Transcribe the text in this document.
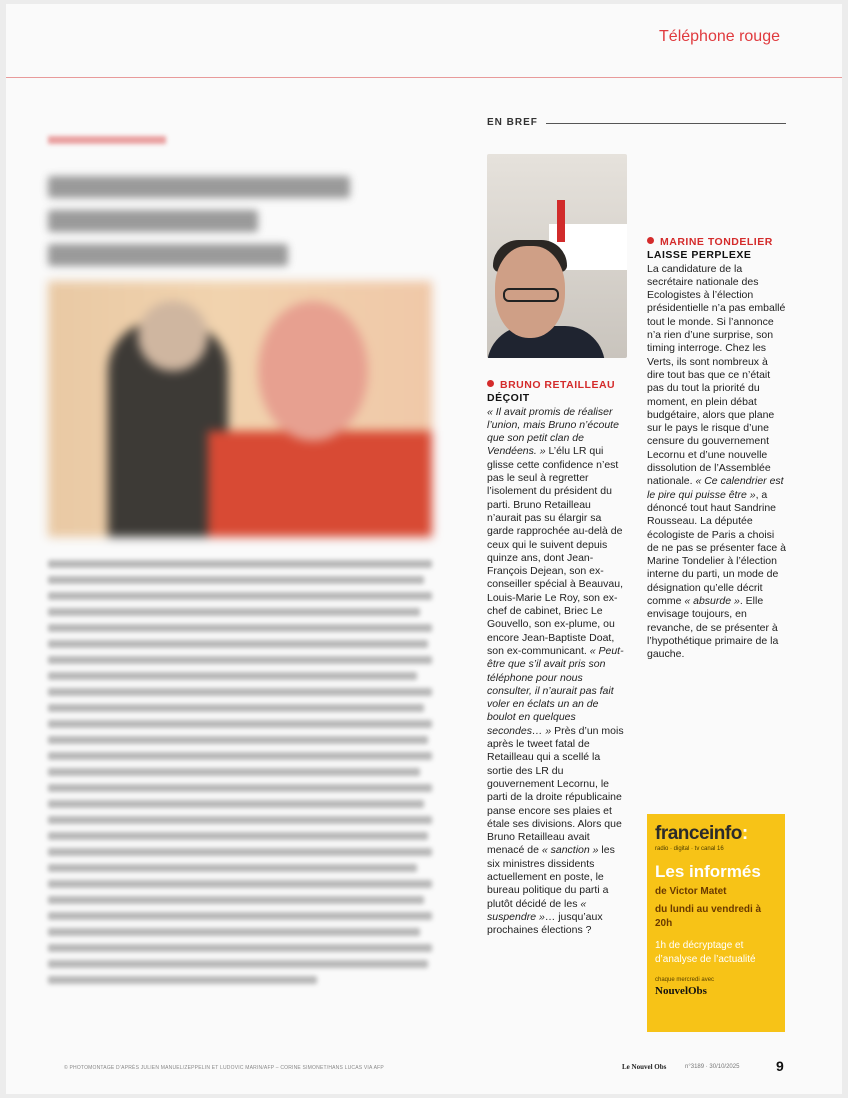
Téléphone rouge
EN BREF
BRUNO RETAILLEAU
DÉÇOIT

« Il avait promis de réaliser l’union, mais Bruno n’écoute que son petit clan de Vendéens. » L’élu LR qui glisse cette confidence n’est pas le seul à regretter l’isolement du président du parti. Bruno Retailleau n’aurait pas su élargir sa garde rapprochée au-delà de ceux qui le suivent depuis quinze ans, dont Jean-François Dejean, son ex-conseiller spécial à Beauvau, Louis-Marie Le Roy, son ex-chef de cabinet, Briec Le Gouvello, son ex-plume, ou encore Jean-Baptiste Doat, son ex-communicant. « Peut-être que s’il avait pris son téléphone pour nous consulter, il n’aurait pas fait voler en éclats un an de boulot en quelques secondes… » Près d’un mois après le tweet fatal de Retailleau qui a scellé la sortie des LR du gouvernement Lecornu, le parti de la droite républicaine panse encore ses plaies et étale ses divisions. Alors que Bruno Retailleau avait menacé de « sanction » les six ministres dissidents actuellement en poste, le bureau politique du parti a plutôt décidé de les « suspendre »… jusqu’aux prochaines élections ?

MARINE TONDELIER
LAISSE PERPLEXE

La candidature de la secrétaire nationale des Ecologistes à l’élection présidentielle n’a pas emballé tout le monde. Si l’annonce n’a rien d’une surprise, son timing interroge. Chez les Verts, ils sont nombreux à dire tout bas que ce n’était pas du tout la priorité du moment, en plein débat budgétaire, alors que plane sur le pays le risque d’une censure du gouvernement Lecornu et d’une nouvelle dissolution de l’Assemblée nationale. « Ce calendrier est le pire qui puisse être », a dénoncé tout haut Sandrine Rousseau. La députée écologiste de Paris a choisi de ne pas se présenter face à Marine Tondelier à l’élection interne du parti, un mode de désignation qu’elle décrit comme « absurde ». Elle envisage toujours, en revanche, de se présenter à l’hypothétique primaire de la gauche.

franceinfo:
radio · digital · tv canal 16
Les informés
de Victor Matet
du lundi au vendredi à 20h
1h de décryptage et d’analyse de l’actualité
chaque mercredi avec
NouvelObs
© PHOTOMONTAGE D’APRÈS JULIEN MANUEL/ZEPPELIN ET LUDOVIC MARIN/AFP – CORINE SIMONET/HANS LUCAS VIA AFP	Le Nouvel Obs	n°3189 · 30/10/2025	9
